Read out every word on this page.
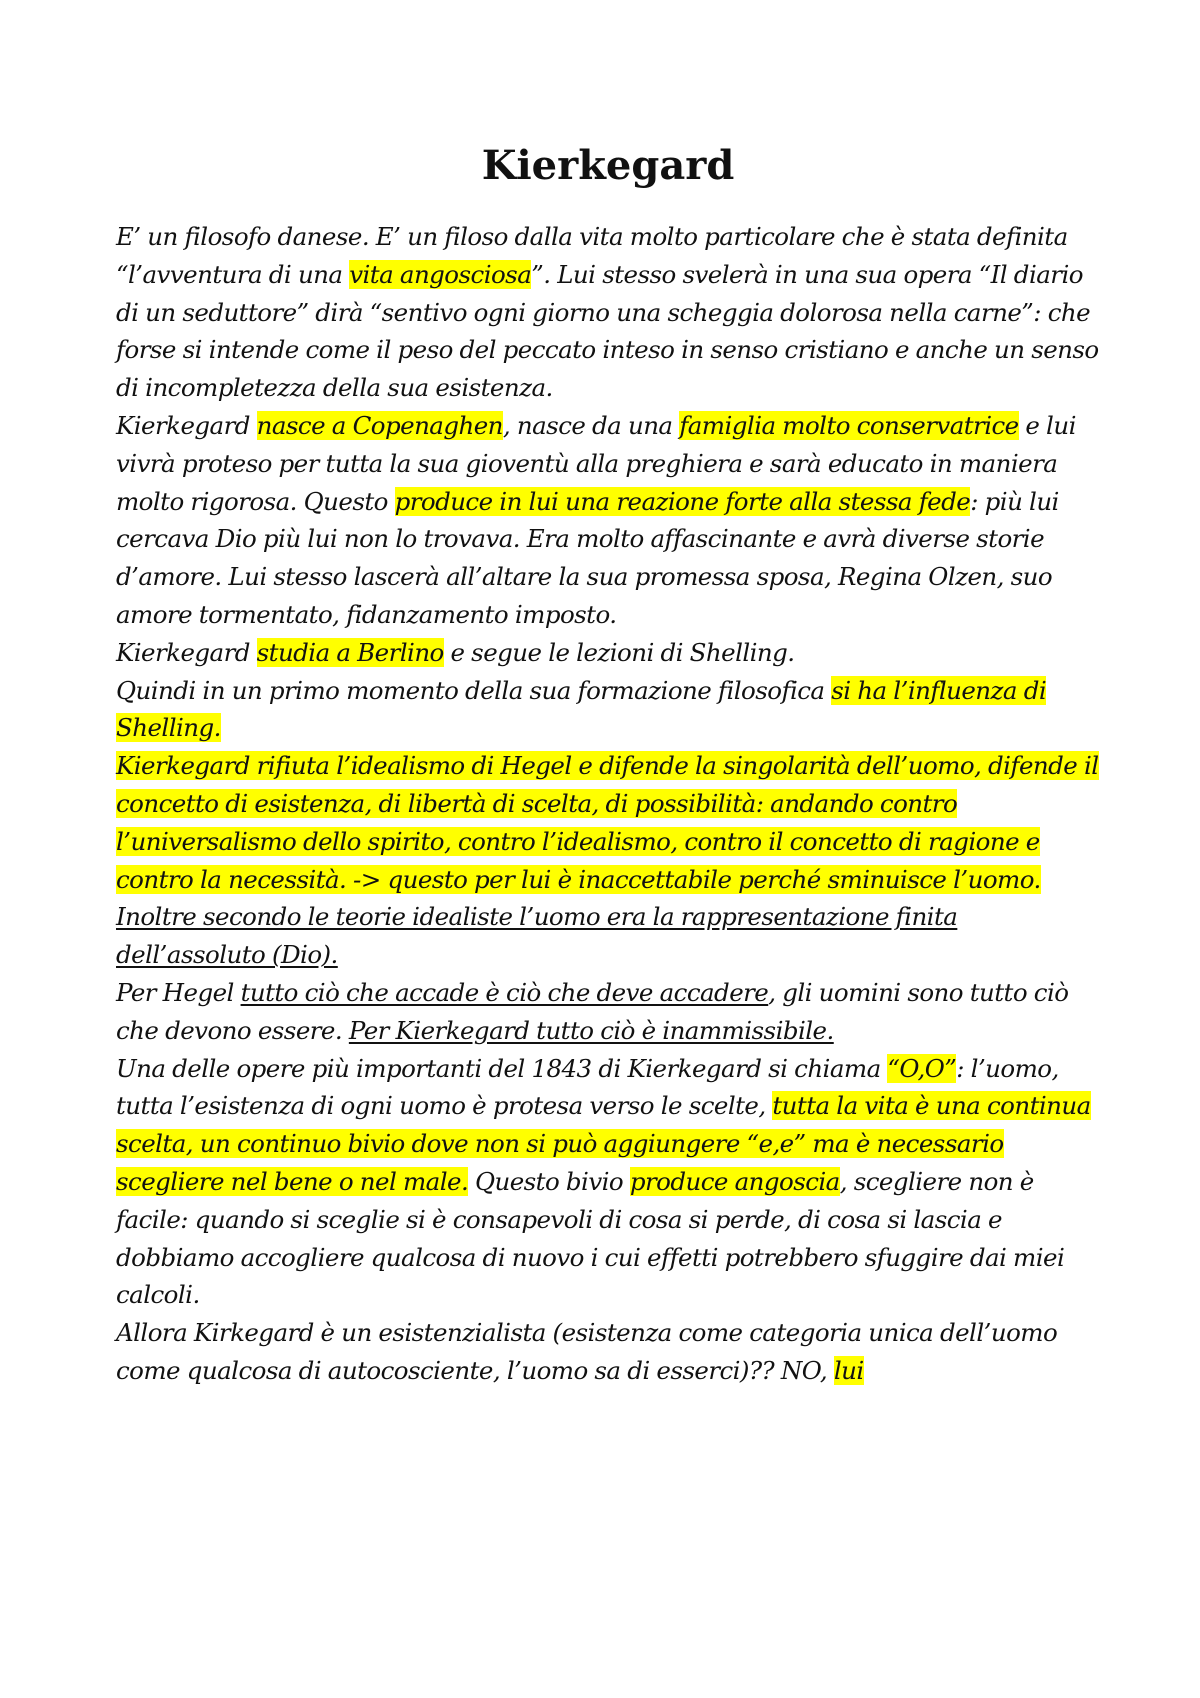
Kierkegard

E’ un filosofo danese. E’ un filoso dalla vita molto particolare che è stata definita “l’avventura di una vita angosciosa”. Lui stesso svelerà in una sua opera “Il diario di un seduttore” dirà “sentivo ogni giorno una scheggia dolorosa nella carne”: che forse si intende come il peso del peccato inteso in senso cristiano e anche un senso di incompletezza della sua esistenza.

Kierkegard nasce a Copenaghen, nasce da una famiglia molto conservatrice e lui vivrà proteso per tutta la sua gioventù alla preghiera e sarà educato in maniera molto rigorosa. Questo produce in lui una reazione forte alla stessa fede: più lui cercava Dio più lui non lo trovava. Era molto affascinante e avrà diverse storie d’amore. Lui stesso lascerà all’altare la sua promessa sposa, Regina Olzen, suo amore tormentato, fidanzamento imposto.

Kierkegard studia a Berlino e segue le lezioni di Shelling.

Quindi in un primo momento della sua formazione filosofica si ha l’influenza di Shelling.

Kierkegard rifiuta l’idealismo di Hegel e difende la singolarità dell’uomo, difende il concetto di esistenza, di libertà di scelta, di possibilità: andando contro l’universalismo dello spirito, contro l’idealismo, contro il concetto di ragione e contro la necessità. -> questo per lui è inaccettabile perché sminuisce l’uomo.

Inoltre secondo le teorie idealiste l’uomo era la rappresentazione finita dell’assoluto (Dio).

Per Hegel tutto ciò che accade è ciò che deve accadere, gli uomini sono tutto ciò che devono essere. Per Kierkegard tutto ciò è inammissibile.

Una delle opere più importanti del 1843 di Kierkegard si chiama “O,O”: l’uomo, tutta l’esistenza di ogni uomo è protesa verso le scelte, tutta la vita è una continua scelta, un continuo bivio dove non si può aggiungere “e,e” ma è necessario scegliere nel bene o nel male. Questo bivio produce angoscia, scegliere non è facile: quando si sceglie si è consapevoli di cosa si perde, di cosa si lascia e dobbiamo accogliere qualcosa di nuovo i cui effetti potrebbero sfuggire dai miei calcoli.

Allora Kirkegard è un esistenzialista (esistenza come categoria unica dell’uomo come qualcosa di autocosciente, l’uomo sa di esserci)?? NO, lui
